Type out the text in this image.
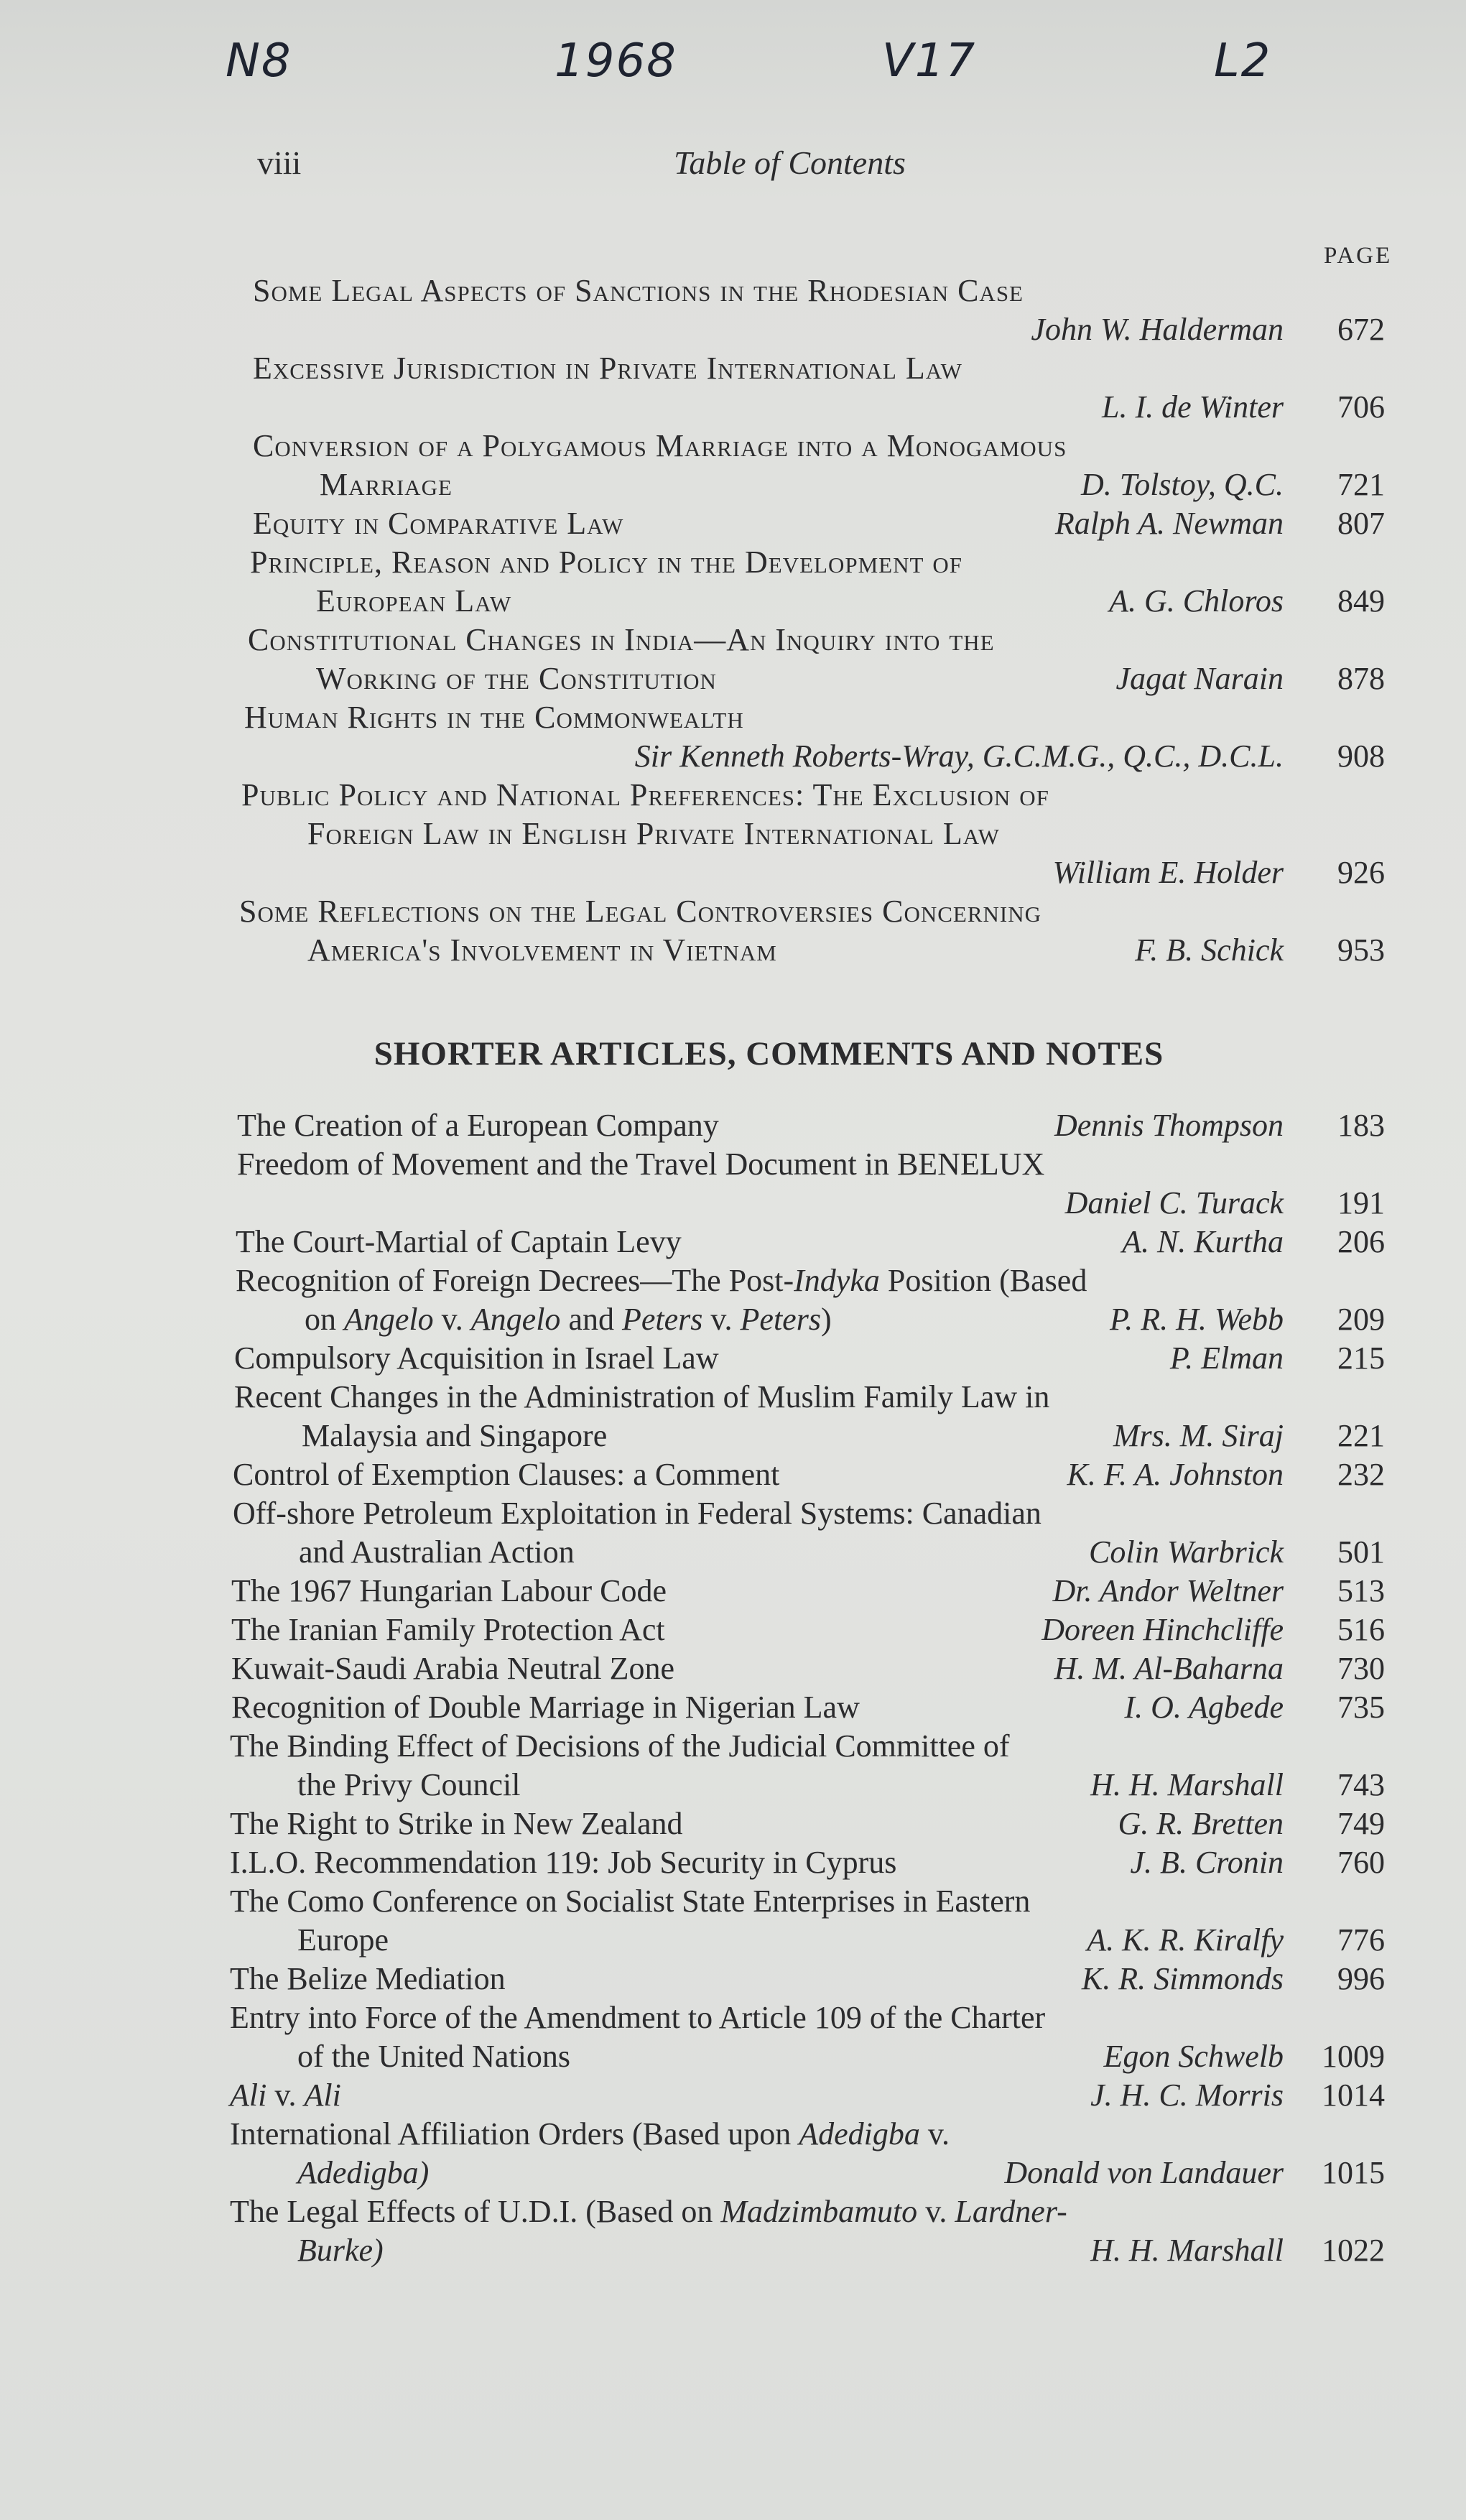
N8	1968	V17	L2
viii	Table of Contents
PAGE
Some Legal Aspects of Sanctions in the Rhodesian Case
John W. Halderman	672
Excessive Jurisdiction in Private International Law
L. I. de Winter	706
Conversion of a Polygamous Marriage into a Monogamous
Marriage	D. Tolstoy, Q.C.	721
Equity in Comparative Law	Ralph A. Newman	807
Principle, Reason and Policy in the Development of
European Law	A. G. Chloros	849
Constitutional Changes in India—An Inquiry into the
Working of the Constitution	Jagat Narain	878
Human Rights in the Commonwealth
Sir Kenneth Roberts-Wray, G.C.M.G., Q.C., D.C.L.	908
Public Policy and National Preferences: The Exclusion of
Foreign Law in English Private International Law
William E. Holder	926
Some Reflections on the Legal Controversies Concerning
America's Involvement in Vietnam	F. B. Schick	953
SHORTER ARTICLES, COMMENTS AND NOTES
The Creation of a European Company	Dennis Thompson	183
Freedom of Movement and the Travel Document in BENELUX
Daniel C. Turack	191
The Court-Martial of Captain Levy	A. N. Kurtha	206
Recognition of Foreign Decrees—The Post-Indyka Position (Based
on Angelo v. Angelo and Peters v. Peters)	P. R. H. Webb	209
Compulsory Acquisition in Israel Law	P. Elman	215
Recent Changes in the Administration of Muslim Family Law in
Malaysia and Singapore	Mrs. M. Siraj	221
Control of Exemption Clauses: a Comment	K. F. A. Johnston	232
Off-shore Petroleum Exploitation in Federal Systems: Canadian
and Australian Action	Colin Warbrick	501
The 1967 Hungarian Labour Code	Dr. Andor Weltner	513
The Iranian Family Protection Act	Doreen Hinchcliffe	516
Kuwait-Saudi Arabia Neutral Zone	H. M. Al-Baharna	730
Recognition of Double Marriage in Nigerian Law	I. O. Agbede	735
The Binding Effect of Decisions of the Judicial Committee of
the Privy Council	H. H. Marshall	743
The Right to Strike in New Zealand	G. R. Bretten	749
I.L.O. Recommendation 119: Job Security in Cyprus	J. B. Cronin	760
The Como Conference on Socialist State Enterprises in Eastern
Europe	A. K. R. Kiralfy	776
The Belize Mediation	K. R. Simmonds	996
Entry into Force of the Amendment to Article 109 of the Charter
of the United Nations	Egon Schwelb	1009
Ali v. Ali	J. H. C. Morris	1014
International Affiliation Orders (Based upon Adedigba v.
Adedigba)	Donald von Landauer	1015
The Legal Effects of U.D.I. (Based on Madzimbamuto v. Lardner-
Burke)	H. H. Marshall	1022
